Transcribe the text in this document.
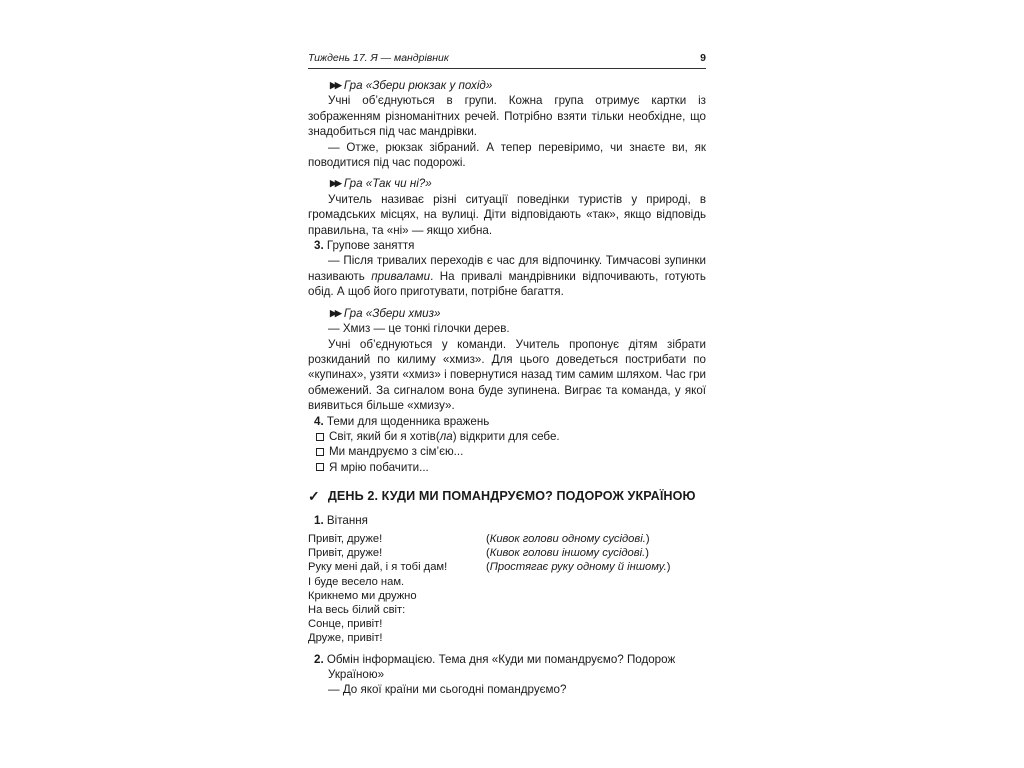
Тиждень 17. Я — мандрівник	9
▶▶ Гра «Збери рюкзак у похід»

Учні об’єднуються в групи. Кожна група отримує картки із зображенням різноманітних речей. Потрібно взяти тільки необхідне, що знадобиться під час мандрівки.

— Отже, рюкзак зібраний. А тепер перевіримо, чи знаєте ви, як поводитися під час подорожі.

▶▶ Гра «Так чи ні?»

Учитель називає різні ситуації поведінки туристів у природі, в громадських місцях, на вулиці. Діти відповідають «так», якщо відповідь правильна, та «ні» — якщо хибна.

3. Групове заняття

— Після тривалих переходів є час для відпочинку. Тимчасові зупинки називають привалами. На привалі мандрівники відпочивають, готують обід. А щоб його приготувати, потрібне багаття.

▶▶ Гра «Збери хмиз»

— Хмиз — це тонкі гілочки дерев.

Учні об’єднуються у команди. Учитель пропонує дітям зібрати розкиданий по килиму «хмиз». Для цього доведеться пострибати по «купинах», узяти «хмиз» і повернутися назад тим самим шляхом. Час гри обмежений. За сигналом вона буде зупинена. Виграє та команда, у якої виявиться більше «хмизу».

4. Теми для щоденника вражень
Світ, який би я хотів(ла) відкрити для себе.
Ми мандруємо з сім’єю...
Я мрію побачити...
✓ ДЕНЬ 2. КУДИ МИ ПОМАНДРУЄМО? ПОДОРОЖ УКРАЇНОЮ
1. Вітання
Привіт, друже!	(Кивок голови одному сусідові.)
Привіт, друже!	(Кивок голови іншому сусідові.)
Руку мені дай, і я тобі дам!	(Простягає руку одному й іншому.)
І буде весело нам.
Крикнемо ми дружно
На весь білий світ:
Сонце, привіт!
Друже, привіт!

2. Обмін інформацією. Тема дня «Куди ми помандруємо? Подорож Україною»

— До якої країни ми сьогодні помандруємо?
